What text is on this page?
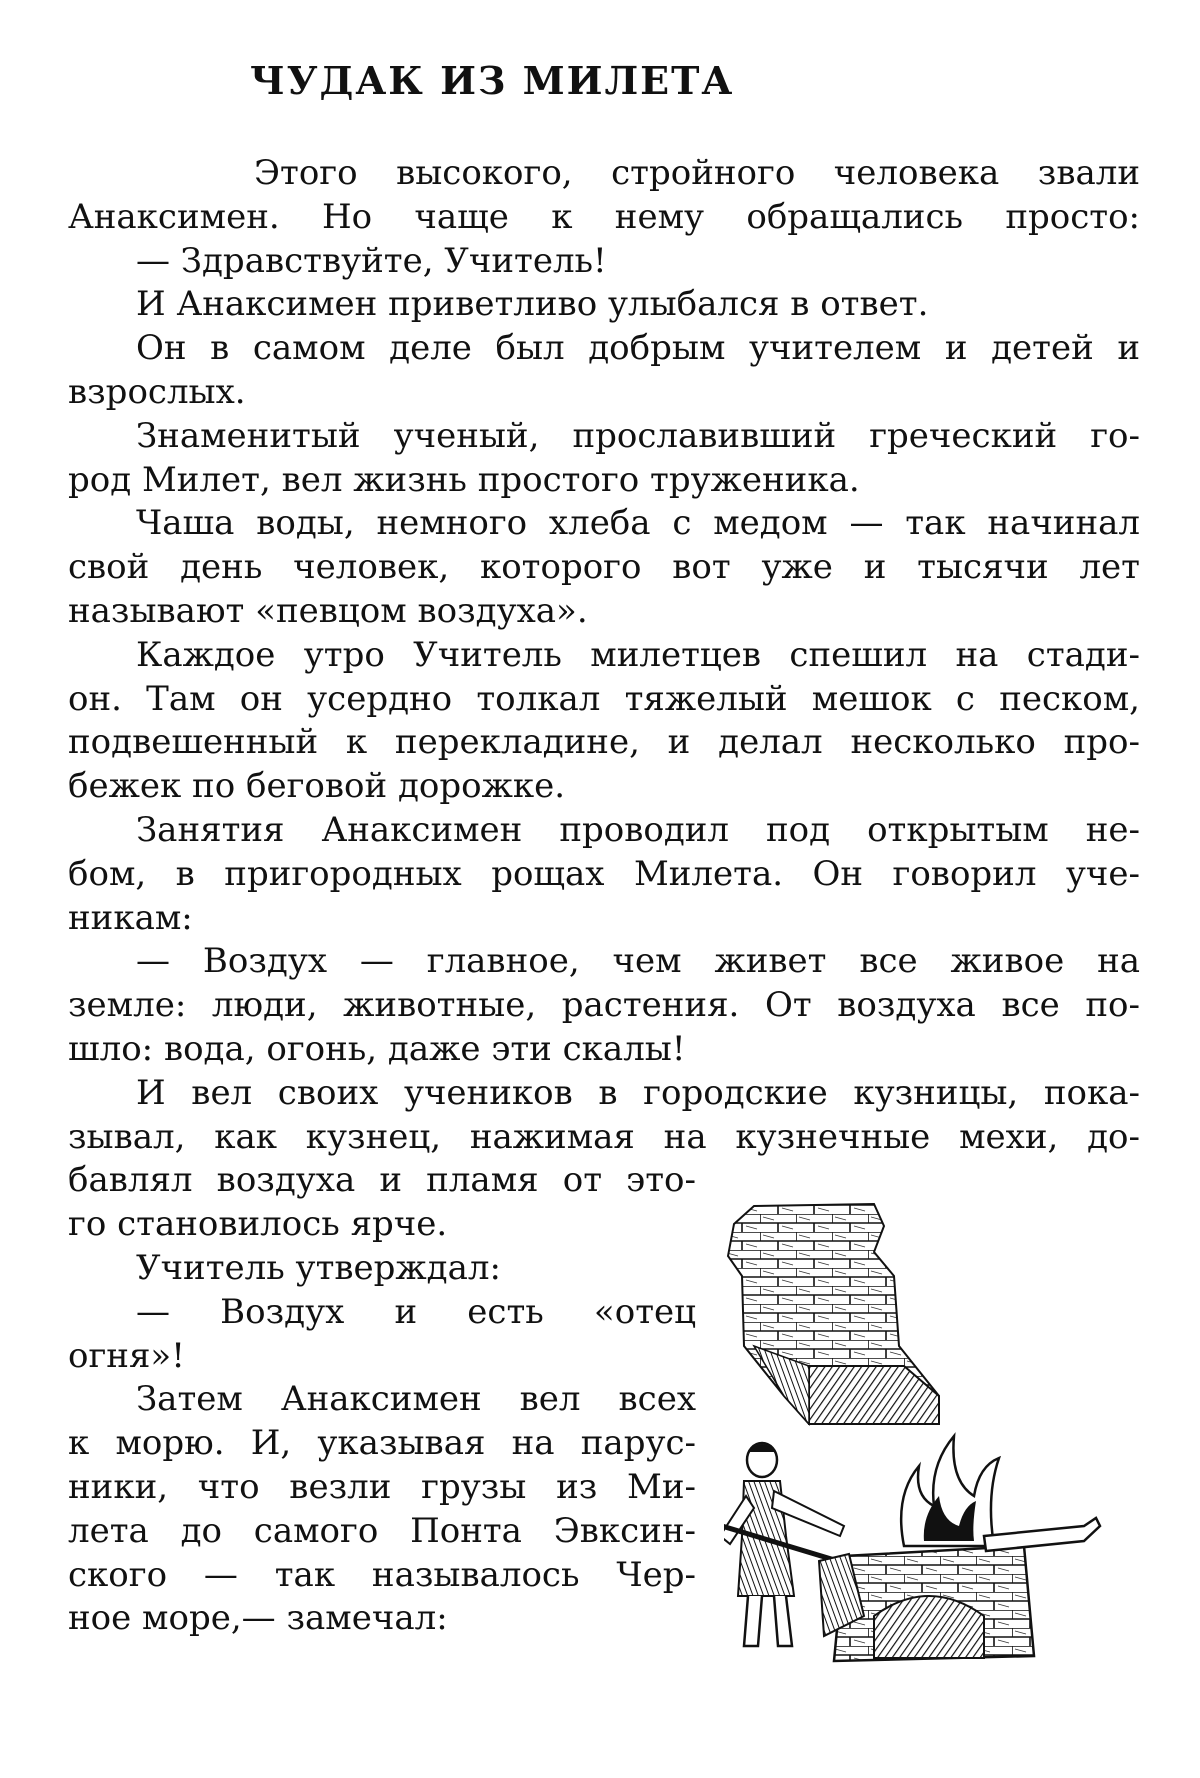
ЧУДАК ИЗ МИЛЕТА
Этого высокого, стройного человека звали
Анаксимен. Но чаще к нему обращались просто:
— Здравствуйте, Учитель!
И Анаксимен приветливо улыбался в ответ.
Он в самом деле был добрым учителем и детей и
взрослых.
Знаменитый ученый, прославивший греческий го-
род Милет, вел жизнь простого труженика.
Чаша воды, немного хлеба с медом — так начинал
свой день человек, которого вот уже и тысячи лет
называют «певцом воздуха».
Каждое утро Учитель милетцев спешил на стади-
он. Там он усердно толкал тяжелый мешок с песком,
подвешенный к перекладине, и делал несколько про-
бежек по беговой дорожке.
Занятия Анаксимен проводил под открытым не-
бом, в пригородных рощах Милета. Он говорил уче-
никам:
— Воздух — главное, чем живет все живое на
земле: люди, животные, растения. От воздуха все по-
шло: вода, огонь, даже эти скалы!
И вел своих учеников в городские кузницы, пока-
зывал, как кузнец, нажимая на кузнечные мехи, до-
бавлял воздуха и пламя от это-
го становилось ярче.
Учитель утверждал:
— Воздух и есть «отец
огня»!
Затем Анаксимен вел всех
к морю. И, указывая на парус-
ники, что везли грузы из Ми-
лета до самого Понта Эвксин-
ского — так называлось Чер-
ное море,— замечал:
